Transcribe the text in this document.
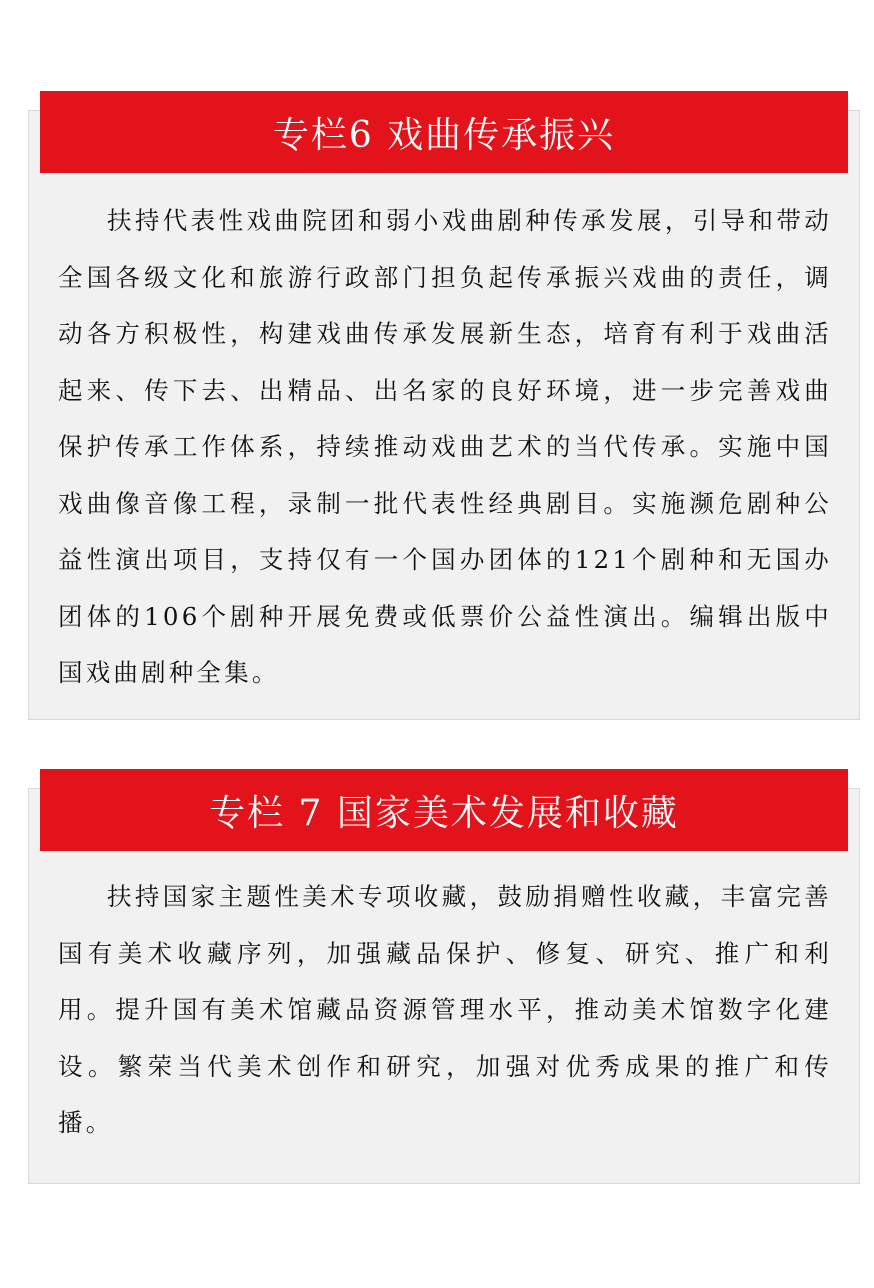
专栏6 戏曲传承振兴

扶持代表性戏曲院团和弱小戏曲剧种传承发展，引导和带动全国各级文化和旅游行政部门担负起传承振兴戏曲的责任，调动各方积极性，构建戏曲传承发展新生态，培育有利于戏曲活起来、传下去、出精品、出名家的良好环境，进一步完善戏曲保护传承工作体系，持续推动戏曲艺术的当代传承。实施中国戏曲像音像工程，录制一批代表性经典剧目。实施濒危剧种公益性演出项目，支持仅有一个国办团体的121个剧种和无国办团体的106个剧种开展免费或低票价公益性演出。编辑出版中国戏曲剧种全集。

专栏 7 国家美术发展和收藏

扶持国家主题性美术专项收藏，鼓励捐赠性收藏，丰富完善国有美术收藏序列，加强藏品保护、修复、研究、推广和利用。提升国有美术馆藏品资源管理水平，推动美术馆数字化建设。繁荣当代美术创作和研究，加强对优秀成果的推广和传播。
